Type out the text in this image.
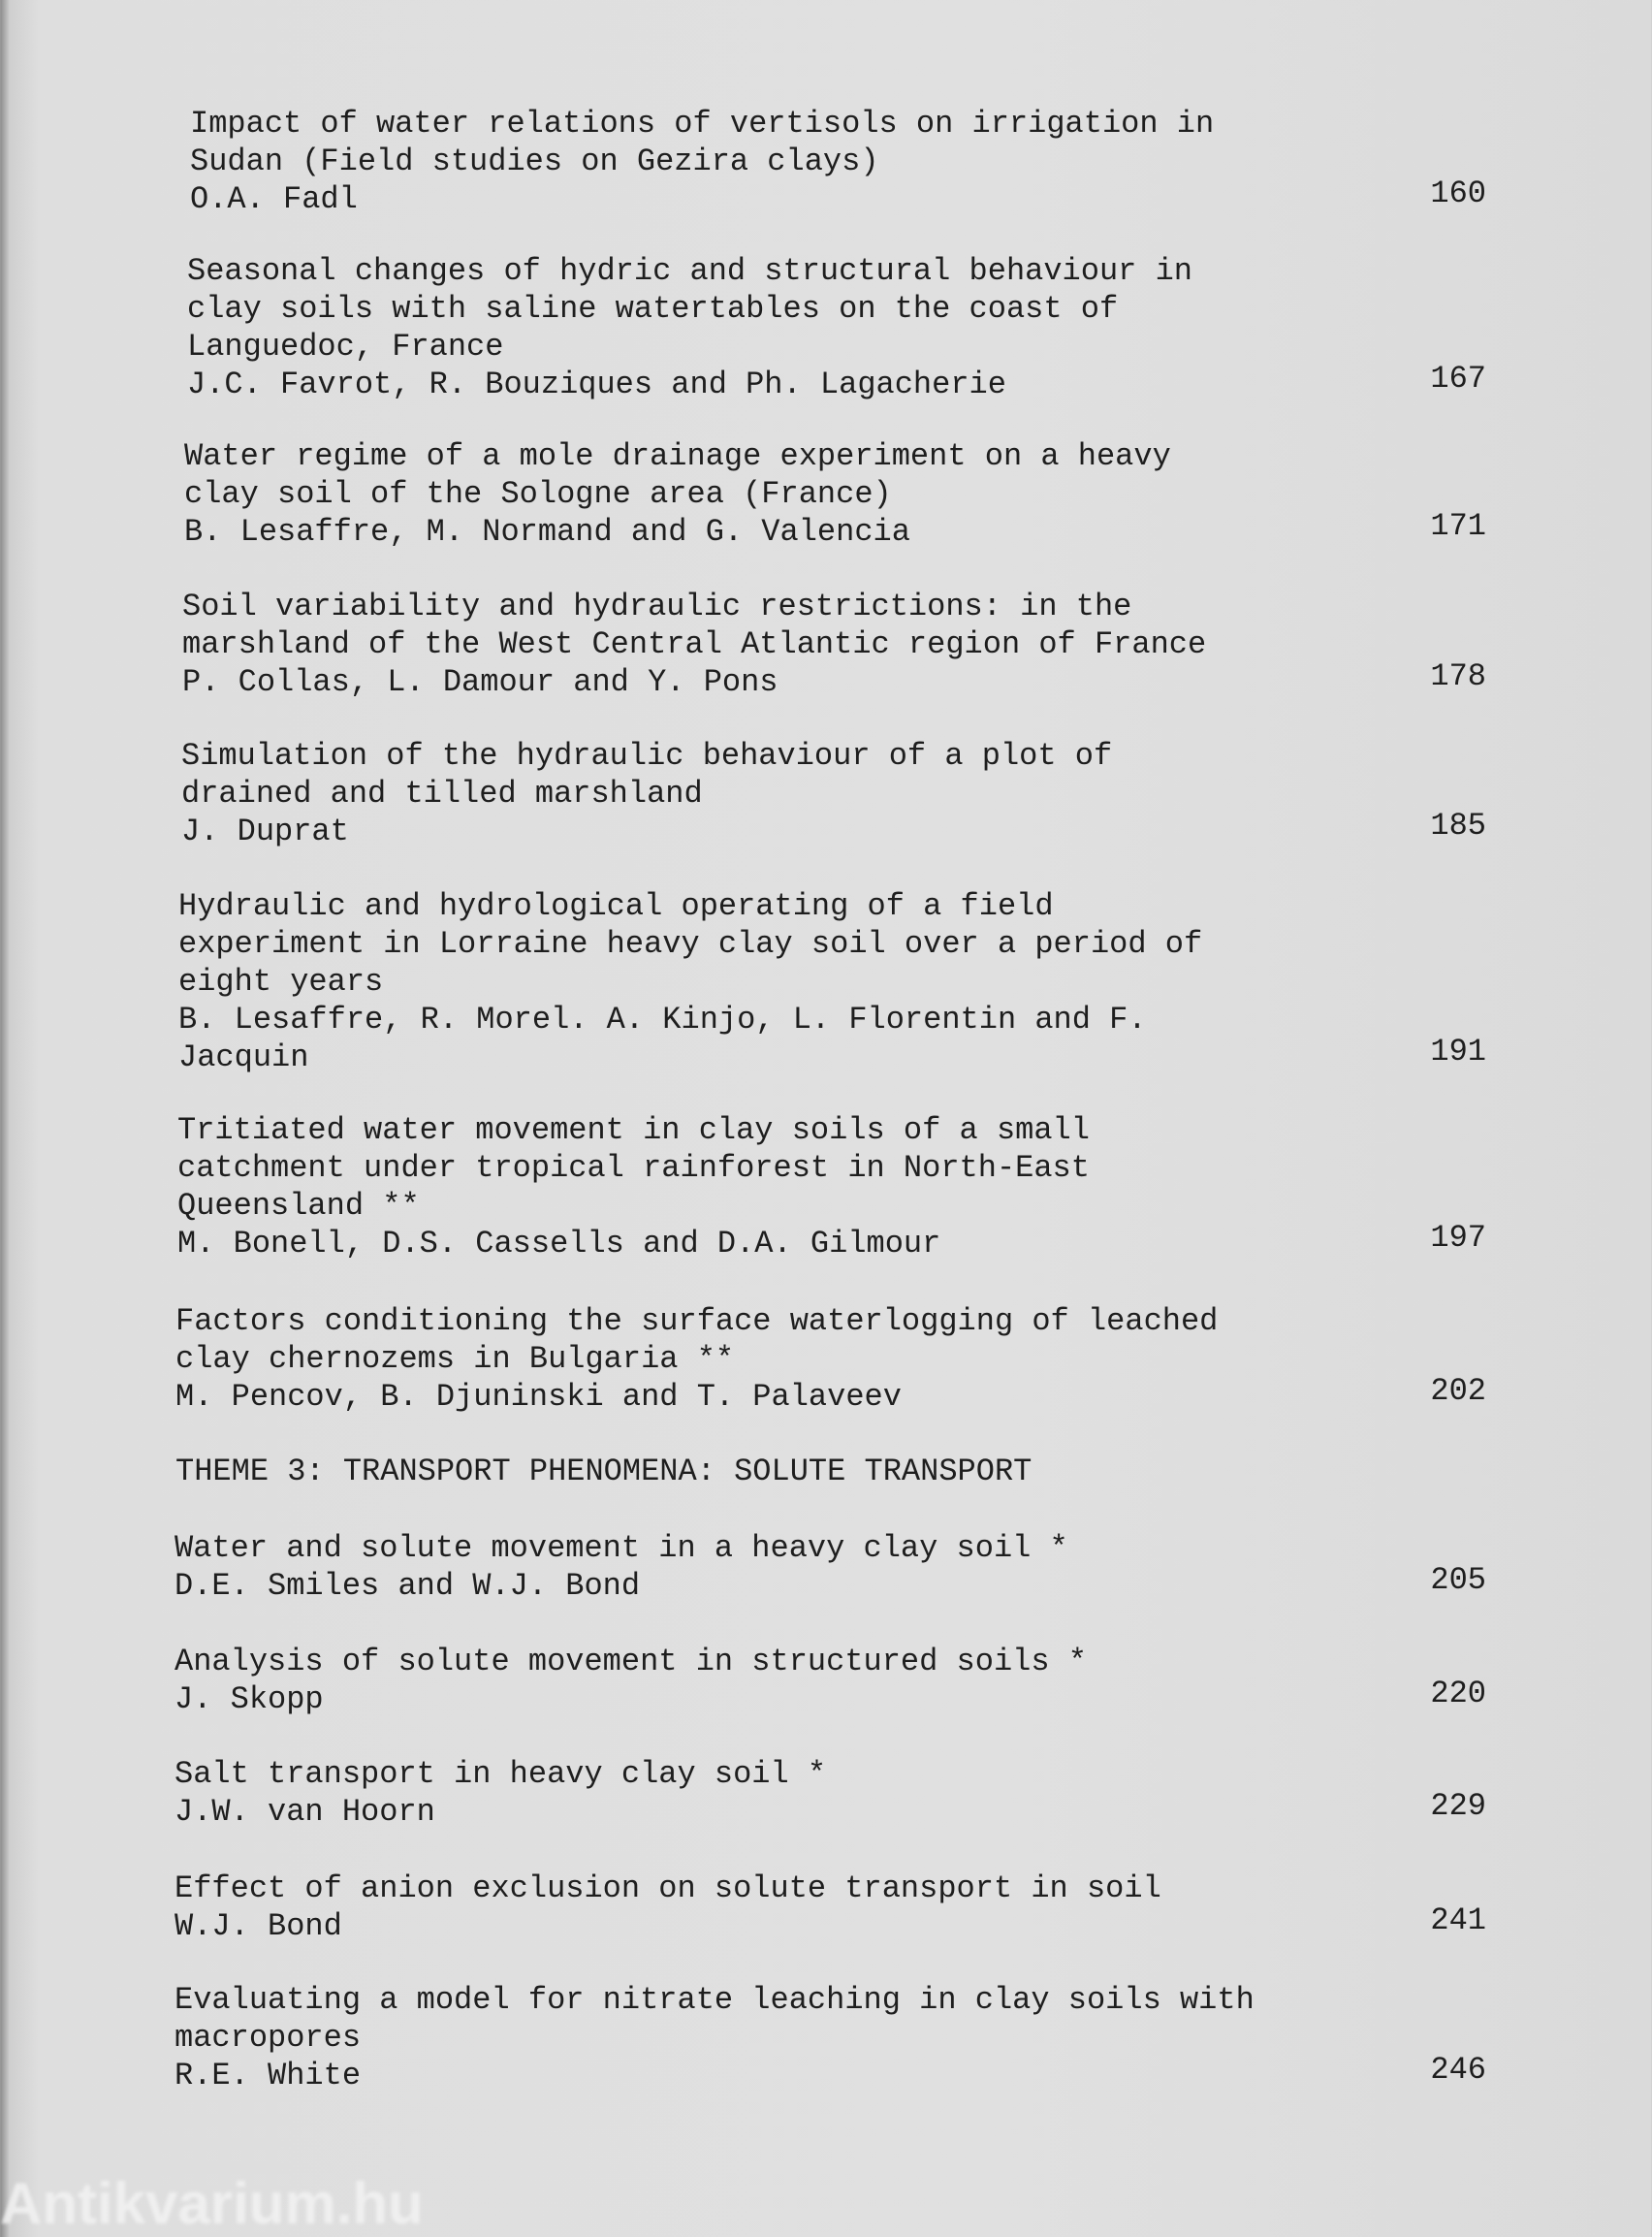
Impact of water relations of vertisols on irrigation in
Sudan (Field studies on Gezira clays)
O.A. Fadl	160
Seasonal changes of hydric and structural behaviour in
clay soils with saline watertables on the coast of
Languedoc, France
J.C. Favrot, R. Bouziques and Ph. Lagacherie	167
Water regime of a mole drainage experiment on a heavy
clay soil of the Sologne area (France)
B. Lesaffre, M. Normand and G. Valencia	171
Soil variability and hydraulic restrictions: in the
marshland of the West Central Atlantic region of France
P. Collas, L. Damour and Y. Pons	178
Simulation of the hydraulic behaviour of a plot of
drained and tilled marshland
J. Duprat	185
Hydraulic and hydrological operating of a field
experiment in Lorraine heavy clay soil over a period of
eight years
B. Lesaffre, R. Morel. A. Kinjo, L. Florentin and F.
Jacquin	191
Tritiated water movement in clay soils of a small
catchment under tropical rainforest in North-East
Queensland **
M. Bonell, D.S. Cassells and D.A. Gilmour	197
Factors conditioning the surface waterlogging of leached
clay chernozems in Bulgaria **
M. Pencov, B. Djuninski and T. Palaveev	202
THEME 3: TRANSPORT PHENOMENA: SOLUTE TRANSPORT
Water and solute movement in a heavy clay soil *
D.E. Smiles and W.J. Bond	205
Analysis of solute movement in structured soils *
J. Skopp	220
Salt transport in heavy clay soil *
J.W. van Hoorn	229
Effect of anion exclusion on solute transport in soil
W.J. Bond	241
Evaluating a model for nitrate leaching in clay soils with
macropores
R.E. White	246
Antikvarium.hu
